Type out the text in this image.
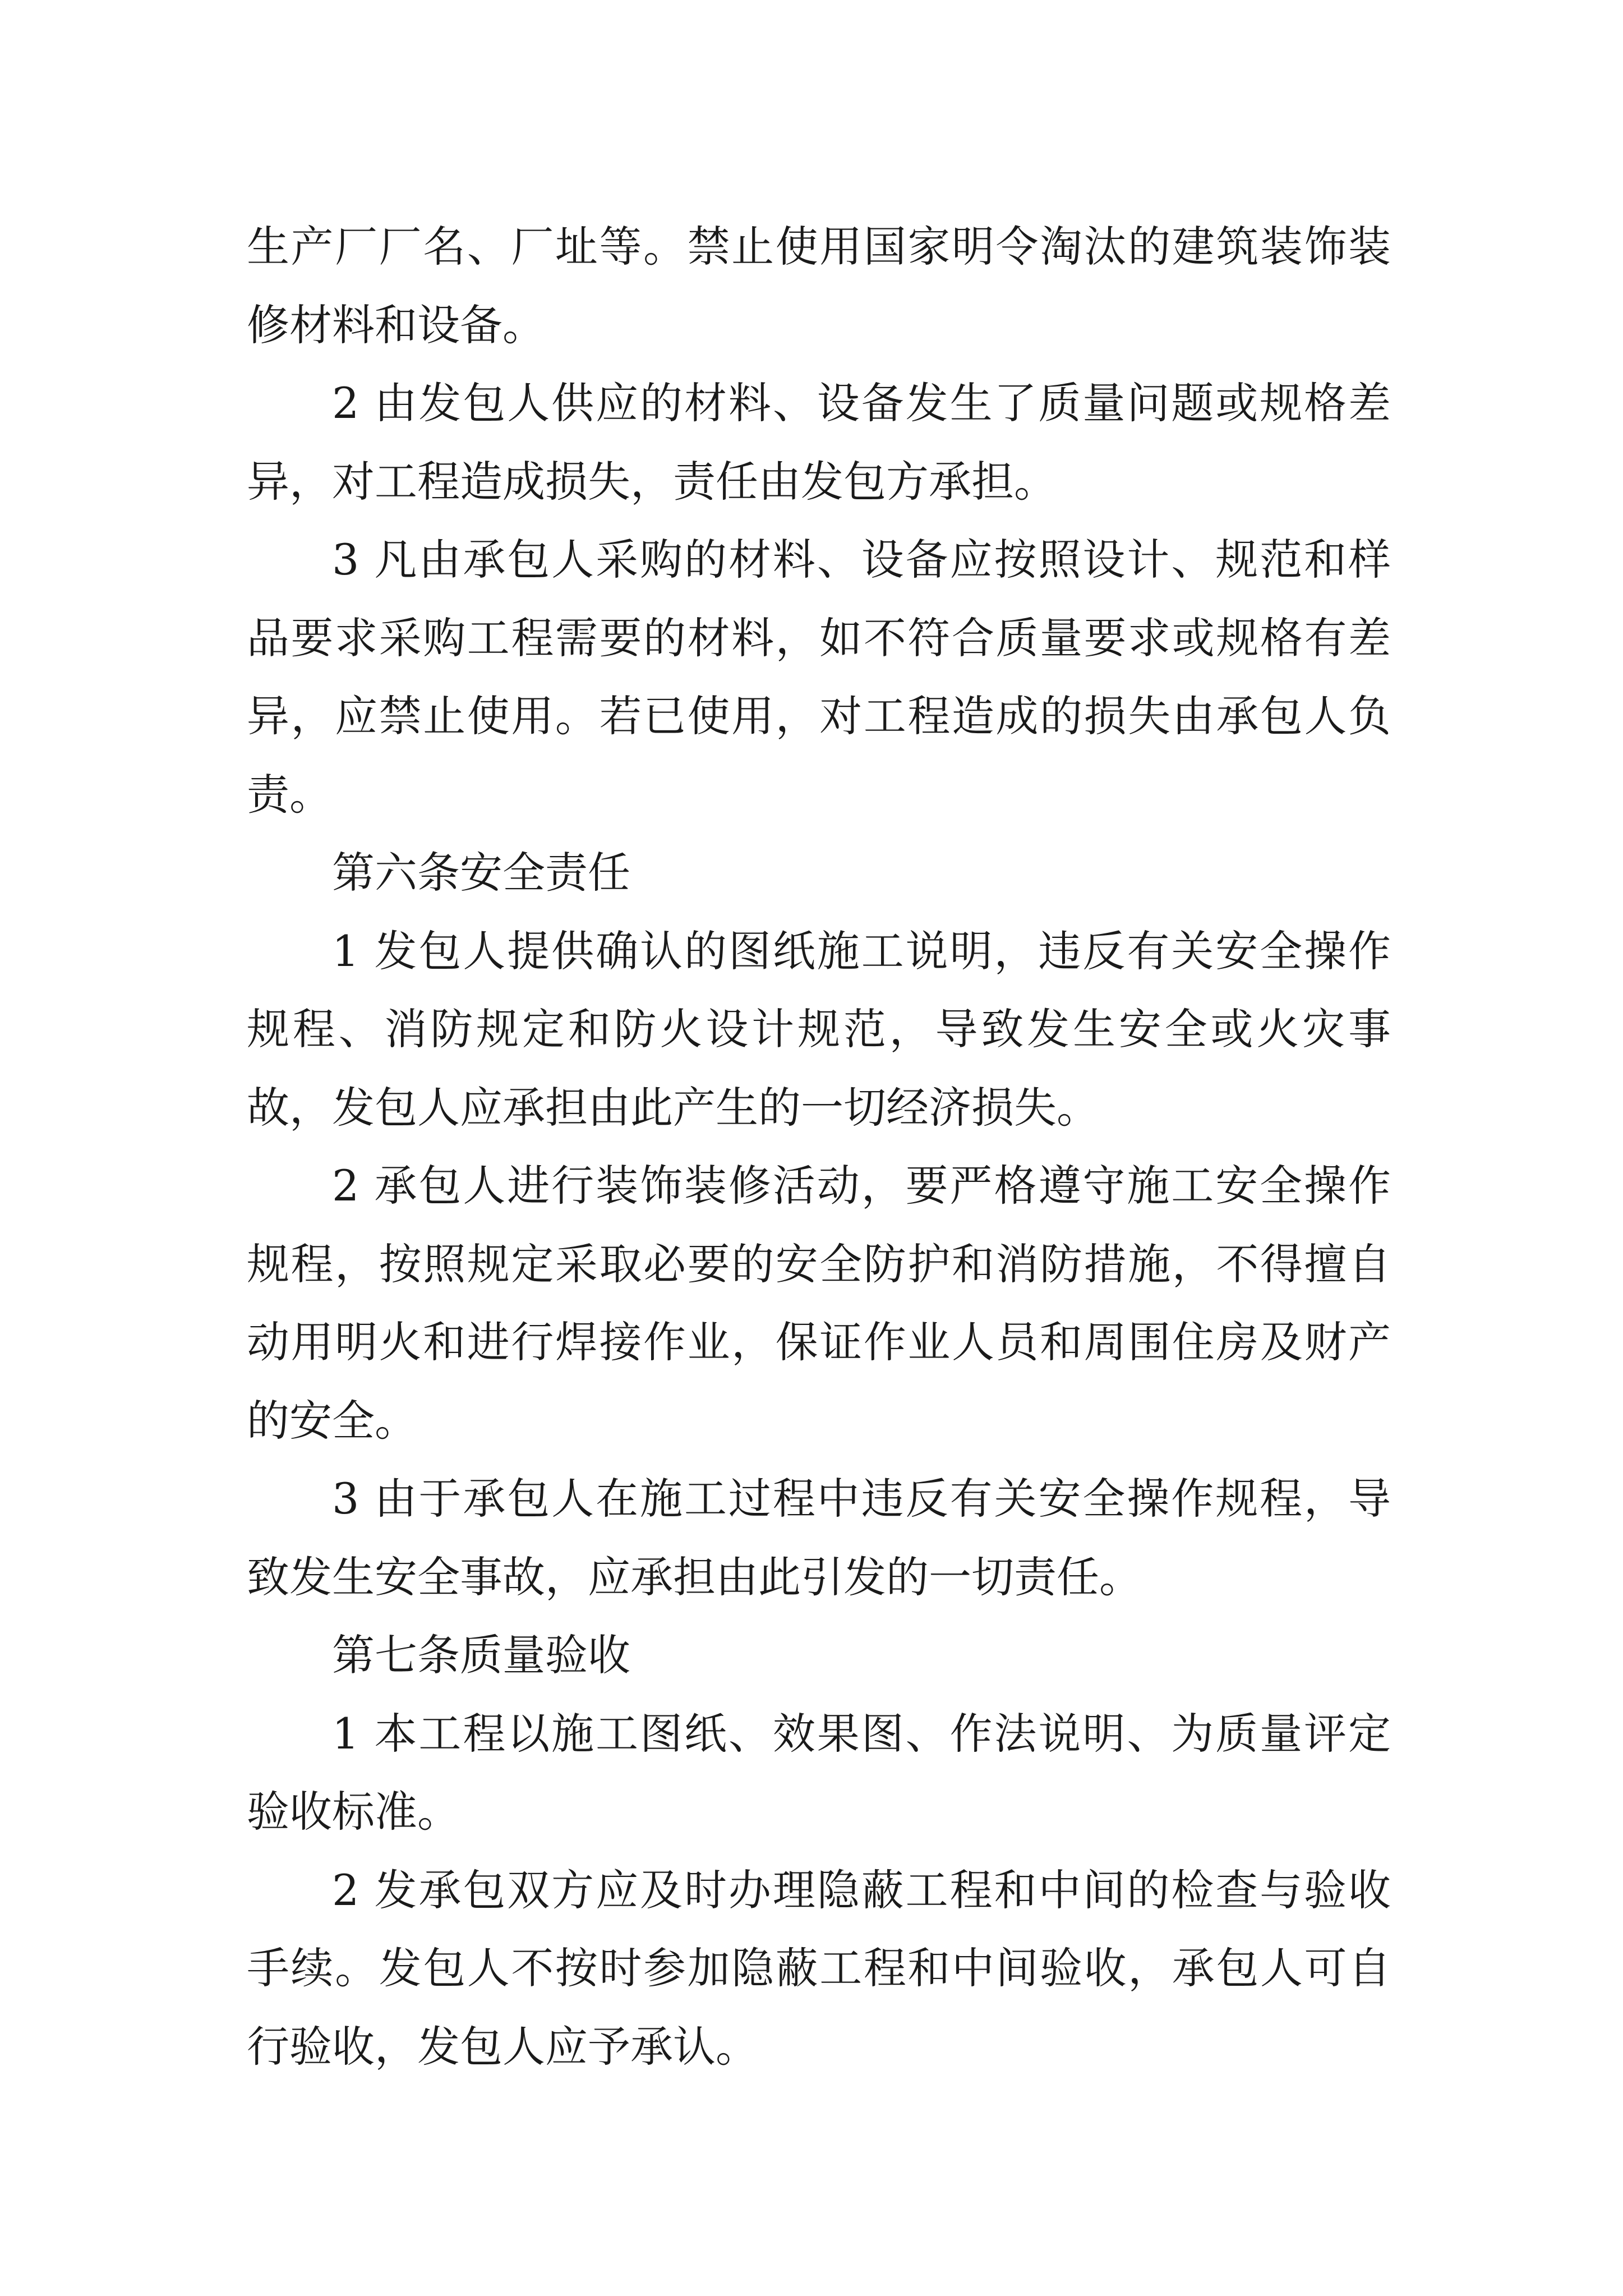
生产厂厂名、厂址等。禁止使用国家明令淘汰的建筑装饰装修材料和设备。

2 由发包人供应的材料、设备发生了质量问题或规格差异，对工程造成损失，责任由发包方承担。

3 凡由承包人采购的材料、设备应按照设计、规范和样品要求采购工程需要的材料，如不符合质量要求或规格有差异，应禁止使用。若已使用，对工程造成的损失由承包人负责。

第六条安全责任

1 发包人提供确认的图纸施工说明，违反有关安全操作规程、消防规定和防火设计规范，导致发生安全或火灾事故，发包人应承担由此产生的一切经济损失。

2 承包人进行装饰装修活动，要严格遵守施工安全操作规程，按照规定采取必要的安全防护和消防措施，不得擅自动用明火和进行焊接作业，保证作业人员和周围住房及财产的安全。

3 由于承包人在施工过程中违反有关安全操作规程，导致发生安全事故，应承担由此引发的一切责任。

第七条质量验收

1 本工程以施工图纸、效果图、作法说明、为质量评定验收标准。

2 发承包双方应及时办理隐蔽工程和中间的检查与验收手续。发包人不按时参加隐蔽工程和中间验收，承包人可自行验收，发包人应予承认。
